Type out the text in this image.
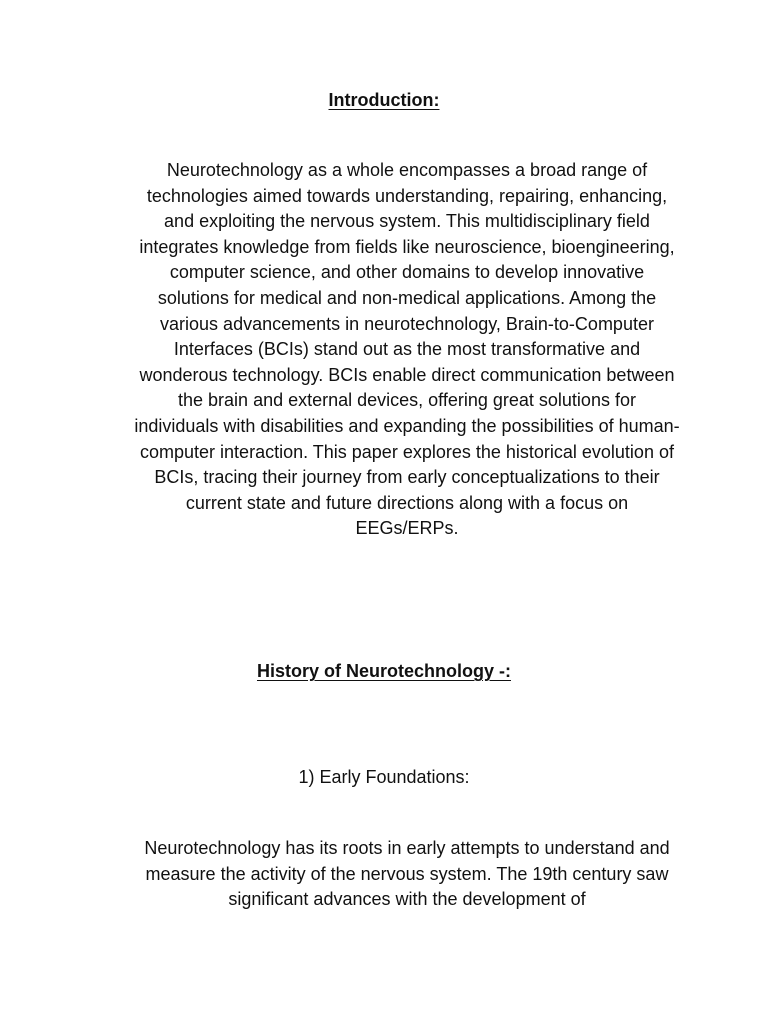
Introduction:
Neurotechnology as a whole encompasses a broad range of technologies aimed towards understanding, repairing, enhancing, and exploiting the nervous system. This multidisciplinary field integrates knowledge from fields like neuroscience, bioengineering, computer science, and other domains to develop innovative solutions for medical and non-medical applications. Among the various advancements in neurotechnology, Brain-to-Computer Interfaces (BCIs) stand out as the most transformative and wonderous technology. BCIs enable direct communication between the brain and external devices, offering great solutions for individuals with disabilities and expanding the possibilities of human-computer interaction. This paper explores the historical evolution of BCIs, tracing their journey from early conceptualizations to their current state and future directions along with a focus on EEGs/ERPs.
History of Neurotechnology -:
1) Early Foundations:
Neurotechnology has its roots in early attempts to understand and measure the activity of the nervous system. The 19th century saw significant advances with the development of
